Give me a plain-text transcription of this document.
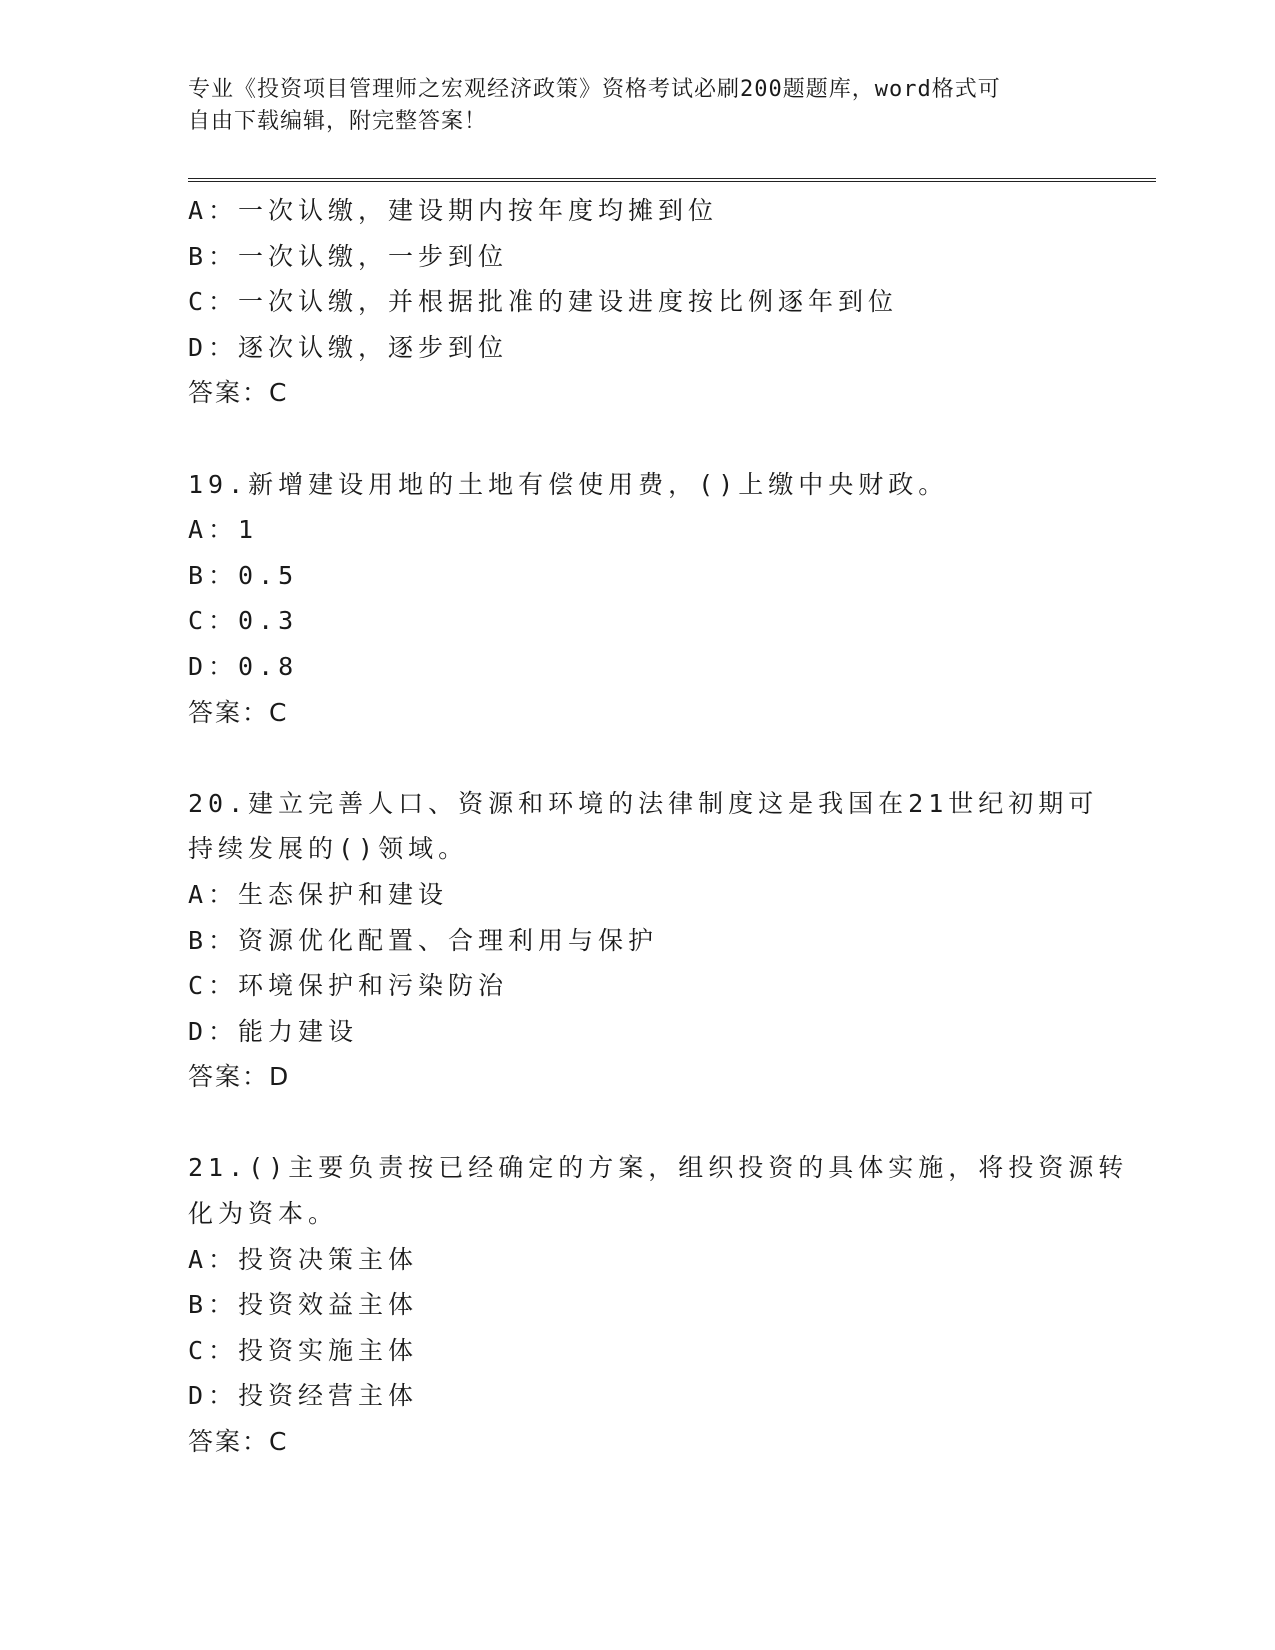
专业《投资项目管理师之宏观经济政策》资格考试必刷200题题库，word格式可
自由下载编辑，附完整答案！
A：一次认缴，建设期内按年度均摊到位
B：一次认缴，一步到位
C：一次认缴，并根据批准的建设进度按比例逐年到位
D：逐次认缴，逐步到位
答案：C
19.新增建设用地的土地有偿使用费，()上缴中央财政。
A：1
B：0.5
C：0.3
D：0.8
答案：C
20.建立完善人口、资源和环境的法律制度这是我国在21世纪初期可
持续发展的()领域。
A：生态保护和建设
B：资源优化配置、合理利用与保护
C：环境保护和污染防治
D：能力建设
答案：D
21.()主要负责按已经确定的方案，组织投资的具体实施，将投资源转
化为资本。
A：投资决策主体
B：投资效益主体
C：投资实施主体
D：投资经营主体
答案：C
